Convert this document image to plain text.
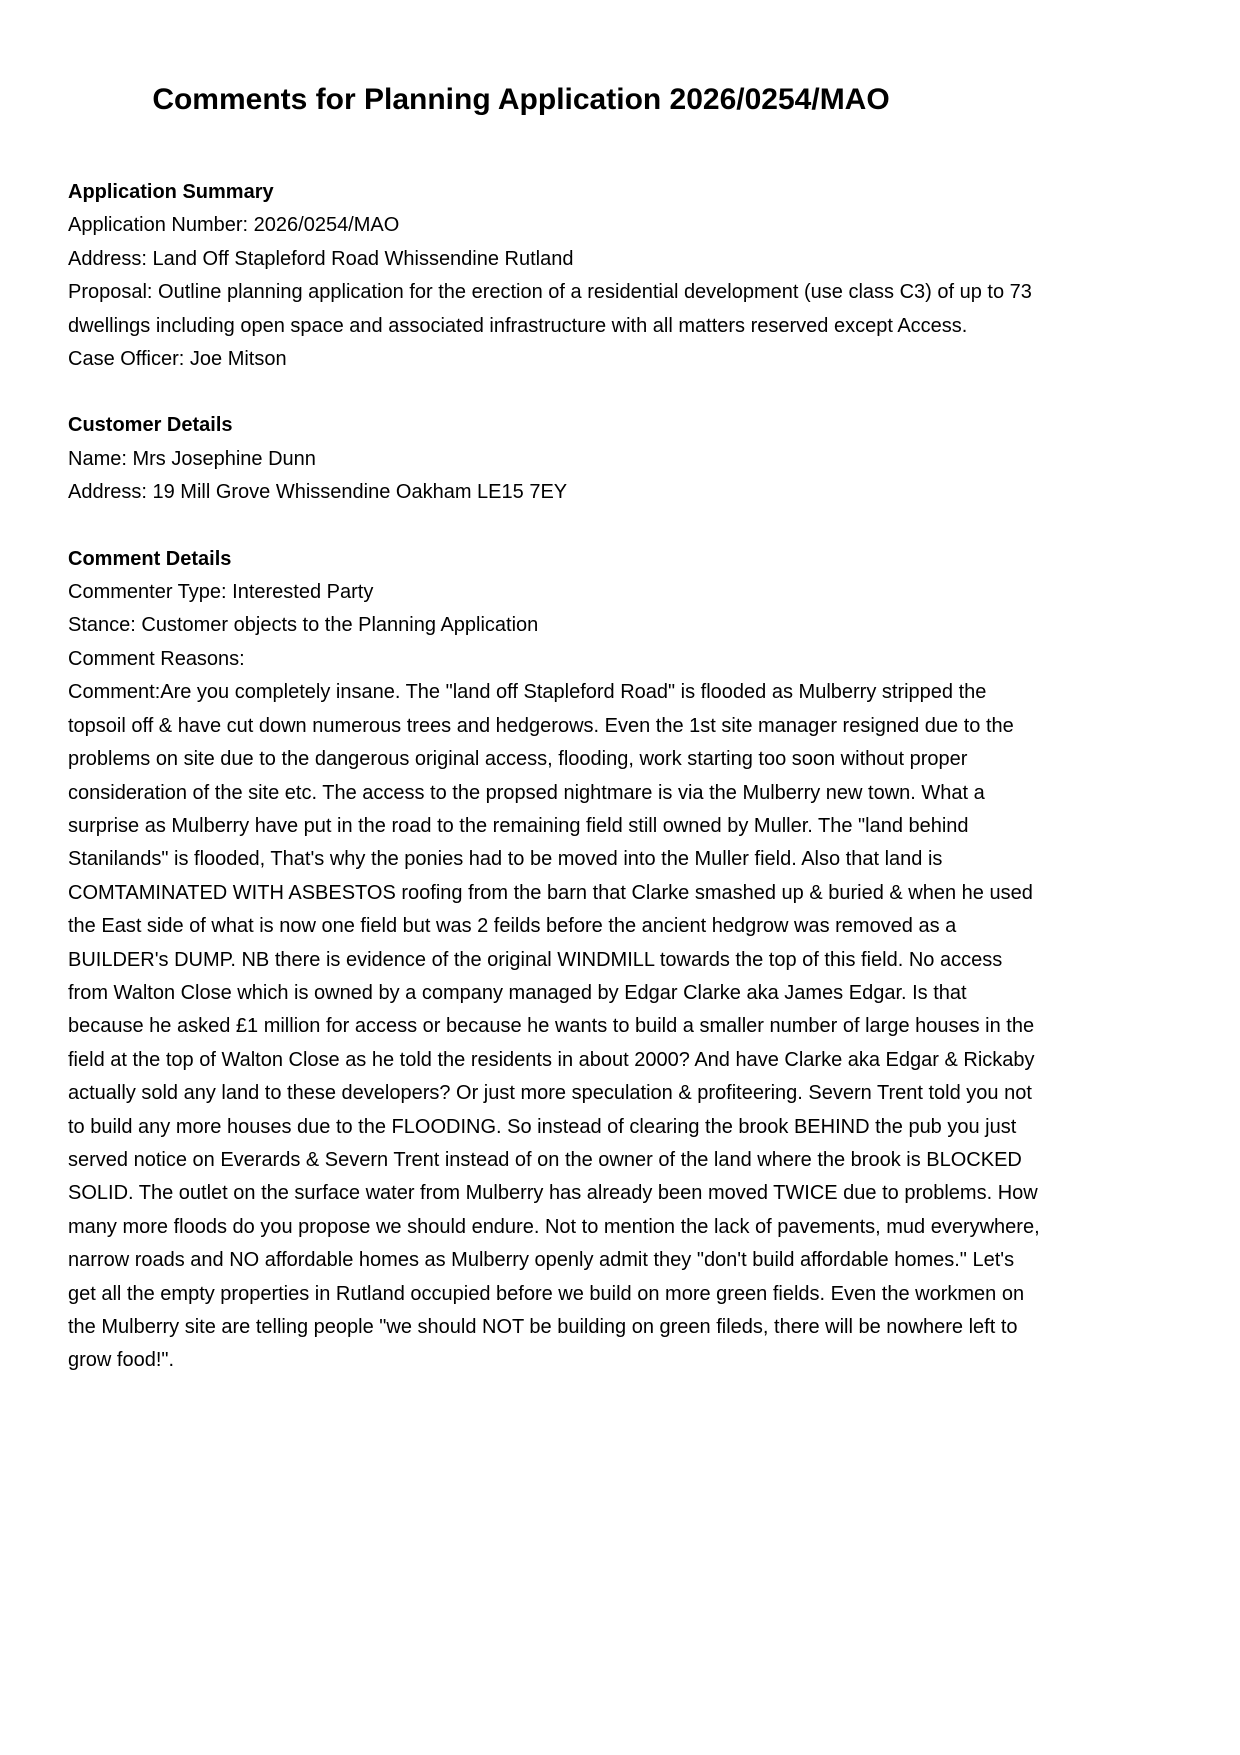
Comments for Planning Application 2026/0254/MAO
Application Summary

Application Number: 2026/0254/MAO

Address: Land Off Stapleford Road Whissendine Rutland

Proposal: Outline planning application for the erection of a residential development (use class C3) of up to 73 dwellings including open space and associated infrastructure with all matters reserved except Access.

Case Officer: Joe Mitson

Customer Details

Name: Mrs Josephine Dunn

Address: 19 Mill Grove Whissendine Oakham LE15 7EY

Comment Details

Commenter Type: Interested Party

Stance: Customer objects to the Planning Application

Comment Reasons:

Comment:Are you completely insane. The "land off Stapleford Road" is flooded as Mulberry stripped the topsoil off & have cut down numerous trees and hedgerows. Even the 1st site manager resigned due to the problems on site due to the dangerous original access, flooding, work starting too soon without proper consideration of the site etc. The access to the propsed nightmare is via the Mulberry new town. What a surprise as Mulberry have put in the road to the remaining field still owned by Muller. The "land behind Stanilands" is flooded, That's why the ponies had to be moved into the Muller field. Also that land is COMTAMINATED WITH ASBESTOS roofing from the barn that Clarke smashed up & buried & when he used the East side of what is now one field but was 2 feilds before the ancient hedgrow was removed as a BUILDER's DUMP. NB there is evidence of the original WINDMILL towards the top of this field. No access from Walton Close which is owned by a company managed by Edgar Clarke aka James Edgar. Is that because he asked £1 million for access or because he wants to build a smaller number of large houses in the field at the top of Walton Close as he told the residents in about 2000? And have Clarke aka Edgar & Rickaby actually sold any land to these developers? Or just more speculation & profiteering. Severn Trent told you not to build any more houses due to the FLOODING. So instead of clearing the brook BEHIND the pub you just served notice on Everards & Severn Trent instead of on the owner of the land where the brook is BLOCKED SOLID. The outlet on the surface water from Mulberry has already been moved TWICE due to problems. How many more floods do you propose we should endure. Not to mention the lack of pavements, mud everywhere, narrow roads and NO affordable homes as Mulberry openly admit they "don't build affordable homes." Let's get all the empty properties in Rutland occupied before we build on more green fields. Even the workmen on the Mulberry site are telling people "we should NOT be building on green fileds, there will be nowhere left to grow food!".
